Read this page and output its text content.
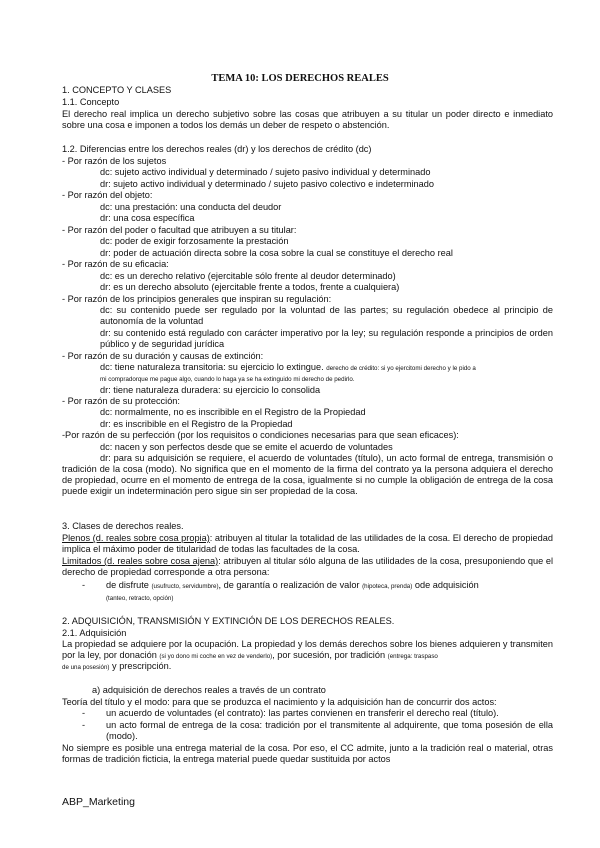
TEMA 10: LOS DERECHOS REALES
1. CONCEPTO Y CLASES
1.1. Concepto
El derecho real implica un derecho subjetivo sobre las cosas que atribuyen a su titular un poder directo e inmediato sobre una cosa e imponen a todos los demás un deber de respeto o abstención.
1.2. Diferencias entre los derechos reales (dr) y los derechos de crédito (dc)
- Por razón de los sujetos
dc: sujeto activo individual y determinado / sujeto pasivo individual y determinado
dr: sujeto activo individual y determinado / sujeto pasivo colectivo e indeterminado
- Por razón del objeto:
dc: una prestación: una conducta del deudor
dr: una cosa específica
- Por razón del poder o facultad que atribuyen a su titular:
dc: poder de exigir forzosamente la prestación
dr: poder de actuación directa sobre la cosa sobre la cual se constituye el derecho real
- Por razón de su eficacia:
dc: es un derecho relativo (ejercitable sólo frente al deudor determinado)
dr: es un derecho absoluto (ejercitable frente a todos, frente a cualquiera)
- Por razón de los principios generales que inspiran su regulación:
dc: su contenido puede ser regulado por la voluntad de las partes; su regulación obedece al principio de autonomía de la voluntad
dr: su contenido está regulado con carácter imperativo por la ley; su regulación responde a principios de orden público y de seguridad jurídica
- Por razón de su duración y causas de extinción:
dc: tiene naturaleza transitoria: su ejercicio lo extingue. derecho de crédito: si yo ejercitomi derecho y le pido a
mi compradorque me pague algo, cuando lo haga ya se ha extinguido mi derecho de pedirlo.
dr: tiene naturaleza duradera: su ejercicio lo consolida
- Por razón de su protección:
dc: normalmente, no es inscribible en el Registro de la Propiedad
dr: es inscribible en el Registro de la Propiedad
-Por razón de su perfección (por los requisitos o condiciones necesarias para que sean eficaces):
dc: nacen y son perfectos desde que se emite el acuerdo de voluntades
dr: para su adquisición se requiere, el acuerdo de voluntades (título), un acto formal de entrega, transmisión o tradición de la cosa (modo). No significa que en el momento de la firma del contrato ya la persona adquiera el derecho de propiedad, ocurre en el momento de entrega de la cosa, igualmente si no cumple la obligación de entrega de la cosa puede exigir un indeterminación pero sigue sin ser propiedad de la cosa.
3. Clases de derechos reales.
Plenos (d. reales sobre cosa propia): atribuyen al titular la totalidad de las utilidades de la cosa. El derecho de propiedad implica el máximo poder de titularidad de todas las facultades de la cosa.
Limitados (d. reales sobre cosa ajena): atribuyen al titular sólo alguna de las utilidades de la cosa, presuponiendo que el derecho de propiedad corresponde a otra persona:
- de disfrute (usufructo, servidumbre), de garantía o realización de valor (hipoteca, prenda) ode adquisición
(tanteo, retracto, opción)
2. ADQUISICIÓN, TRANSMISIÓN Y EXTINCIÓN DE LOS DERECHOS REALES.
2.1. Adquisición
La propiedad se adquiere por la ocupación. La propiedad y los demás derechos sobre los bienes adquieren y transmiten por la ley, por donación (si yo dono mi coche en vez de venderlo), por sucesión, por tradición (entrega: traspaso
de una posesión) y prescripción.
a) adquisición de derechos reales a través de un contrato
Teoría del título y el modo: para que se produzca el nacimiento y la adquisición han de concurrir dos actos:
- un acuerdo de voluntades (el contrato): las partes convienen en transferir el derecho real (título).
- un acto formal de entrega de la cosa: tradición por el transmitente al adquirente, que toma posesión de ella (modo).
No siempre es posible una entrega material de la cosa. Por eso, el CC admite, junto a la tradición real o material, otras formas de tradición ficticia, la entrega material puede quedar sustituida por actos
ABP_Marketing
